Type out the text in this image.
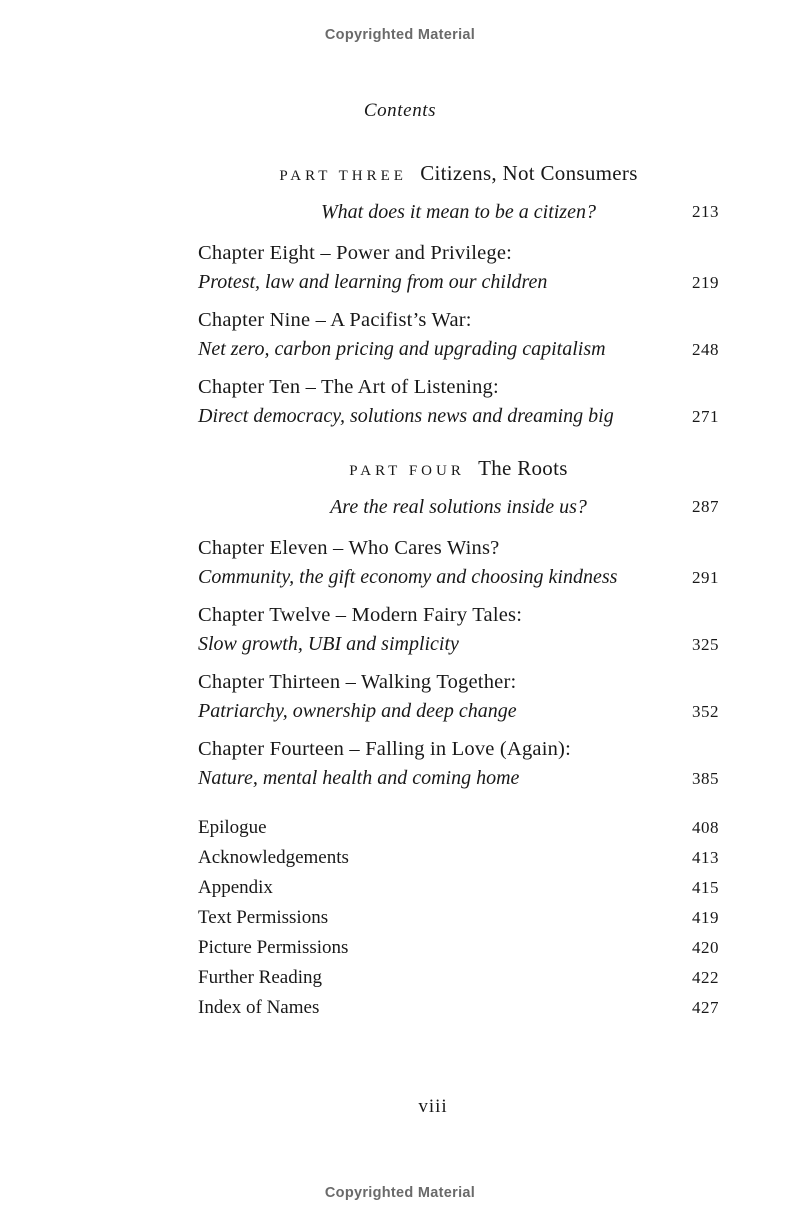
Copyrighted Material
Contents
PART THREE Citizens, Not Consumers
What does it mean to be a citizen?	213
Chapter Eight – Power and Privilege:
Protest, law and learning from our children	219
Chapter Nine – A Pacifist’s War:
Net zero, carbon pricing and upgrading capitalism	248
Chapter Ten – The Art of Listening:
Direct democracy, solutions news and dreaming big	271
PART FOUR The Roots
Are the real solutions inside us?	287
Chapter Eleven – Who Cares Wins?
Community, the gift economy and choosing kindness	291
Chapter Twelve – Modern Fairy Tales:
Slow growth, UBI and simplicity	325
Chapter Thirteen – Walking Together:
Patriarchy, ownership and deep change	352
Chapter Fourteen – Falling in Love (Again):
Nature, mental health and coming home	385
Epilogue	408
Acknowledgements	413
Appendix	415
Text Permissions	419
Picture Permissions	420
Further Reading	422
Index of Names	427
viii
Copyrighted Material
